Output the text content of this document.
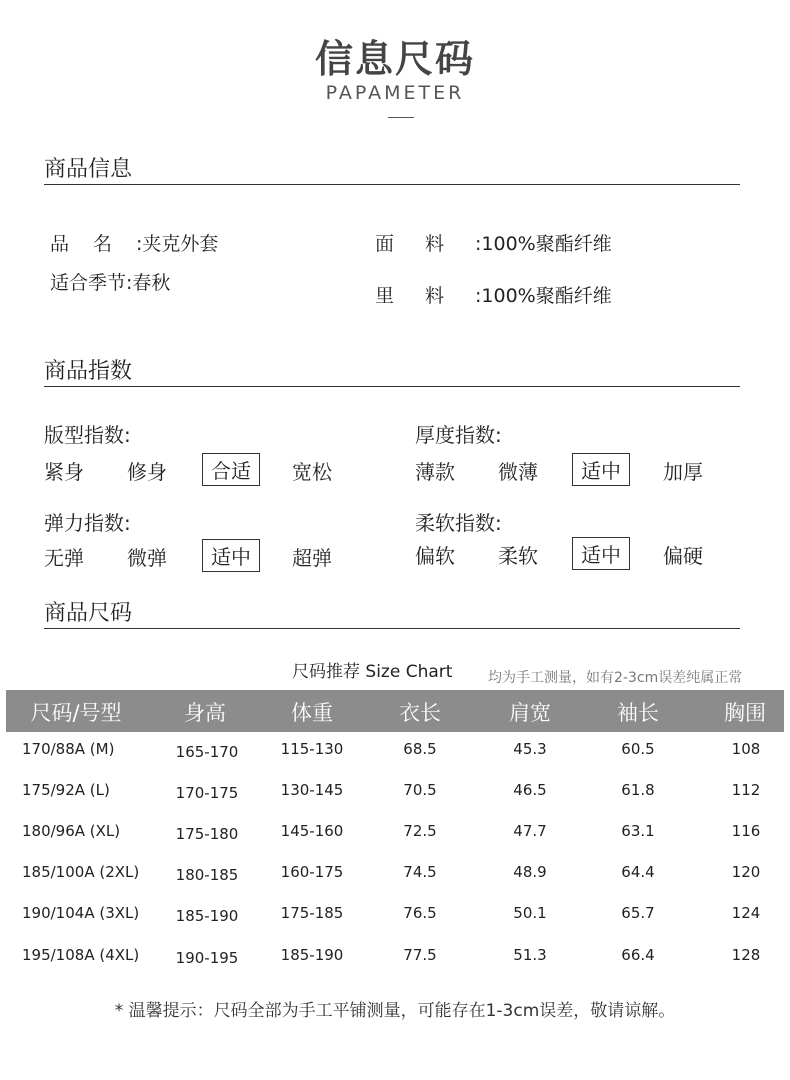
信息尺码
PAPAMETER
商品信息
品名:夹克外套
适合季节:春秋
面料:100%聚酯纤维
里料:100%聚酯纤维
商品指数
版型指数:
紧身 修身	合适	宽松
厚度指数:
薄款 微薄	适中	加厚
弹力指数:
无弹 微弹	适中	超弹
柔软指数:
偏软 柔软	适中	偏硬
商品尺码
尺码推荐 Size Chart	均为手工测量，如有2-3cm误差纯属正常
尺码/号型	身高	体重	衣长	肩宽	袖长	胸围
170/88A (M)	165-170	115-130	68.5	45.3	60.5	108
175/92A (L)	170-175	130-145	70.5	46.5	61.8	112
180/96A (XL)	175-180	145-160	72.5	47.7	63.1	116
185/100A (2XL)	180-185	160-175	74.5	48.9	64.4	120
190/104A (3XL)	185-190	175-185	76.5	50.1	65.7	124
195/108A (4XL)	190-195	185-190	77.5	51.3	66.4	128
* 温馨提示：尺码全部为手工平铺测量，可能存在1-3cm误差，敬请谅解。
